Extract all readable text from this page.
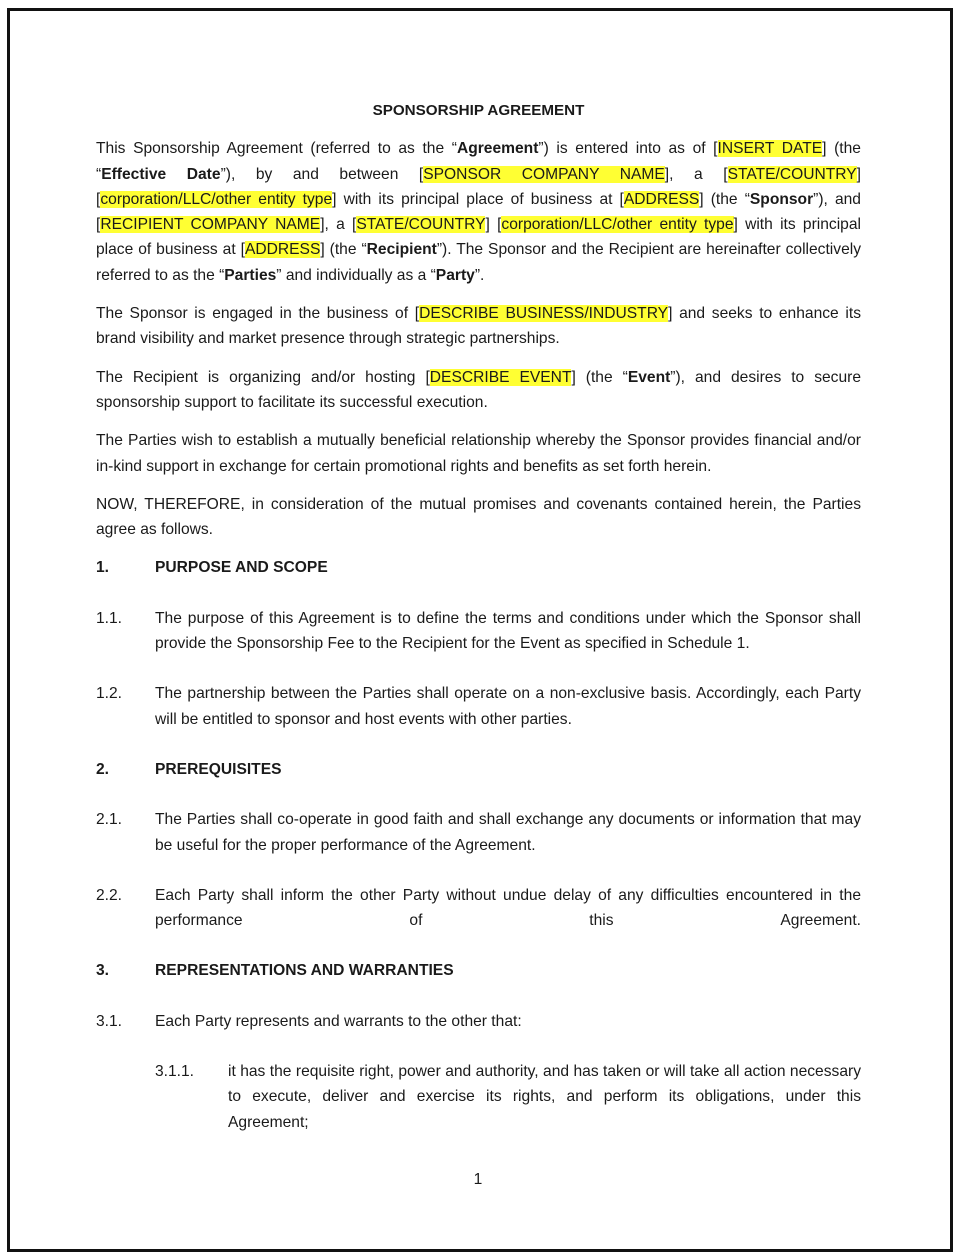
SPONSORSHIP AGREEMENT
This Sponsorship Agreement (referred to as the “Agreement”) is entered into as of [INSERT DATE] (the “Effective Date”), by and between [SPONSOR COMPANY NAME], a [STATE/COUNTRY] [corporation/LLC/other entity type] with its principal place of business at [ADDRESS] (the “Sponsor”), and [RECIPIENT COMPANY NAME], a [STATE/COUNTRY] [corporation/LLC/other entity type] with its principal place of business at [ADDRESS] (the “Recipient”). The Sponsor and the Recipient are hereinafter collectively referred to as the “Parties” and individually as a “Party”.
The Sponsor is engaged in the business of [DESCRIBE BUSINESS/INDUSTRY] and seeks to enhance its brand visibility and market presence through strategic partnerships.
The Recipient is organizing and/or hosting [DESCRIBE EVENT] (the “Event”), and desires to secure sponsorship support to facilitate its successful execution.
The Parties wish to establish a mutually beneficial relationship whereby the Sponsor provides financial and/or in-kind support in exchange for certain promotional rights and benefits as set forth herein.
NOW, THEREFORE, in consideration of the mutual promises and covenants contained herein, the Parties agree as follows.
1.	PURPOSE AND SCOPE
1.1.	The purpose of this Agreement is to define the terms and conditions under which the Sponsor shall provide the Sponsorship Fee to the Recipient for the Event as specified in Schedule 1.
1.2.	The partnership between the Parties shall operate on a non-exclusive basis. Accordingly, each Party will be entitled to sponsor and host events with other parties.
2.	PREREQUISITES
2.1.	The Parties shall co-operate in good faith and shall exchange any documents or information that may be useful for the proper performance of the Agreement.
2.2.	Each Party shall inform the other Party without undue delay of any difficulties encountered in the
performance	of	this	Agreement.
3.	REPRESENTATIONS AND WARRANTIES
3.1.	Each Party represents and warrants to the other that:
3.1.1.	it has the requisite right, power and authority, and has taken or will take all action necessary to execute, deliver and exercise its rights, and perform its obligations, under this Agreement;
1
